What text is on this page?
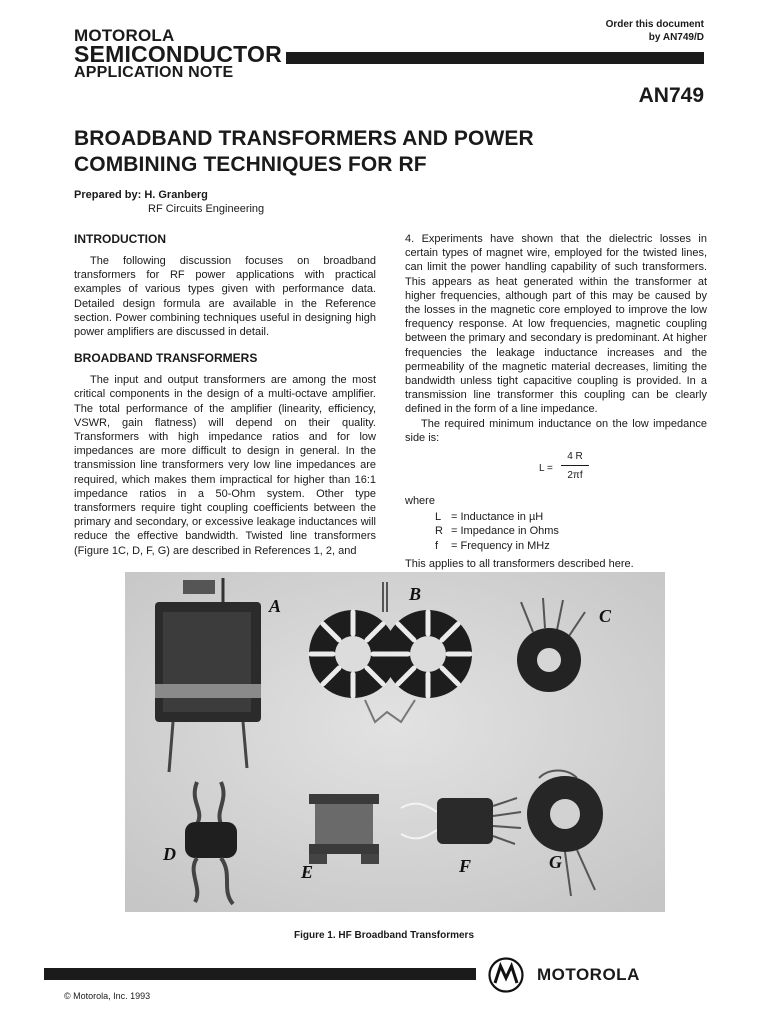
MOTOROLA
SEMICONDUCTOR
APPLICATION NOTE
Order this document
by AN749/D
AN749
BROADBAND TRANSFORMERS AND POWER
COMBINING TECHNIQUES FOR RF
Prepared by: H. Granberg
RF Circuits Engineering
INTRODUCTION

The following discussion focuses on broadband transformers for RF power applications with practical examples of various types given with performance data. Detailed design formula are available in the Reference section. Power combining techniques useful in designing high power amplifiers are discussed in detail.

BROADBAND TRANSFORMERS

The input and output transformers are among the most critical components in the design of a multi-octave amplifier. The total performance of the amplifier (linearity, efficiency, VSWR, gain flatness) will depend on their quality. Transformers with high impedance ratios and for low impedances are more difficult to design in general. In the transmission line transformers very low line impedances are required, which makes them impractical for higher than 16:1 impedance ratios in a 50-Ohm system. Other type transformers require tight coupling coefficients between the primary and secondary, or excessive leakage inductances will reduce the effective bandwidth. Twisted line transformers (Figure 1C, D, F, G) are described in References 1, 2, and

4. Experiments have shown that the dielectric losses in certain types of magnet wire, employed for the twisted lines, can limit the power handling capability of such transformers. This appears as heat generated within the transformer at higher frequencies, although part of this may be caused by the losses in the magnetic core employed to improve the low frequency response. At low frequencies, magnetic coupling between the primary and secondary is predominant. At higher frequencies the leakage inductance increases and the permeability of the magnetic material decreases, limiting the bandwidth unless tight capacitive coupling is provided. In a transmission line transformer this coupling can be clearly defined in the form of a line impedance.

The required minimum inductance on the low impedance side is:

L =
4 R
2πf
where
L = Inductance in µH
R = Impedance in Ohms
f	= Frequency in MHz

This applies to all transformers described here.

A
B
C
D
E	F	G
Figure 1. HF Broadband Transformers
MOTOROLA
© Motorola, Inc. 1993
